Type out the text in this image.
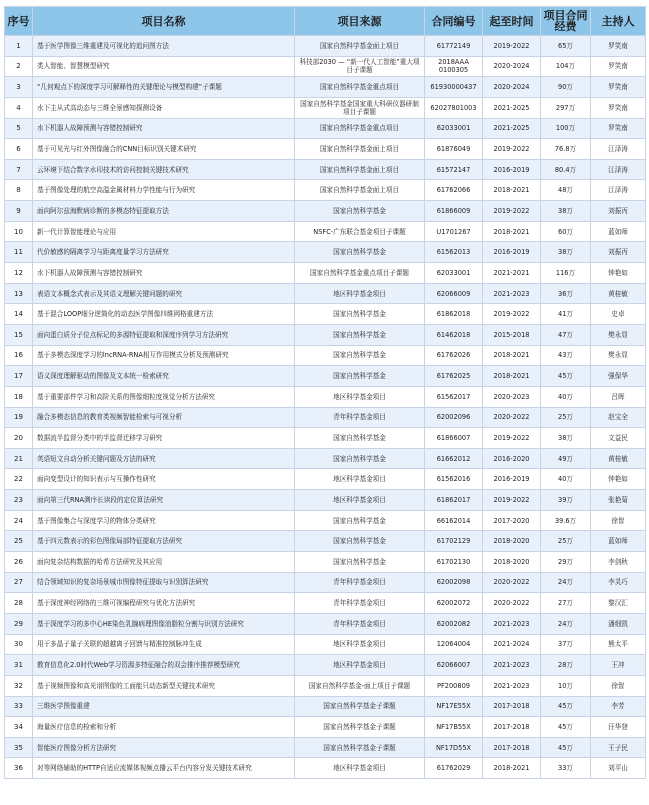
序号	项目名称	项目来源	合同编号	起至时间	项目合同经费	主持人
1	基于医学图像三维重建及可视化的追问图方法	国家自然科学基金面上项目	61772149	2019-2022	65万	罗笑南
2	类人智能、智慧模型研究	科技部2030 — “新一代人工智能”重大项目子课题	2018AAA 0100305	2020-2024	104万	罗笑南
3	“几何观点下的深度学习可解释性的关键理论与模型构建”子课题	国家自然科学基金重点项目	61930000437	2020-2024	90万	罗笑南
4	水下主从式高动态与三维全景感知探测设备	国家自然科学基金国家重大科研仪器研制项目子课题	62027801003	2021-2025	297万	罗笑南
5	水下机器人故障预测与容错控制研究	国家自然科学基金重点项目	62033001	2021-2025	100万	罗笑南
6	基于可见光与红外图像融合的CNN目标识别关键术研究	国家自然科学基金面上项目	61876049	2019-2022	76.8万	江泽涛
7	云环境下结合数字水印技术的访问控制关键技术研究	国家自然科学基金面上项目	61572147	2016-2019	80.4万	江泽涛
8	基于图像处理的航空高温金属材料力学性能与行为研究	国家自然科学基金面上项目	61762066	2018-2021	48万	江泽涛
9	面向阿尔兹海默病诊断的多模态特征提取方法	国家自然科学基金	61866009	2019-2022	38万	刘振丙
10	新一代计算智能理论与应用	NSFC-广东联合基金项目子课题	U1701267	2018-2021	60万	蓝如师
11	代价敏感的隔离学习与距离度量学习方法研究	国家自然科学基金	61562013	2016-2019	38万	刘振丙
12	水下机器人故障预测与容错控制研究	国家自然科学基金重点项目子课题	62033001	2021-2021	116万	钟艳如
13	表语文本概念式表示及其语义理解关键问题的研究	地区科学基金项目	62066009	2021-2023	36万	黄桂敏
14	基于混合LOOP细分逆简化的动态医学图像四维网格重建方法	国家自然科学基金	61862018	2019-2022	41万	史卓
15	面向蛋白质分子位点标记的多源特征提取和深度序列学习方法研究	国家自然科学基金	61462018	2015-2018	47万	樊永显
16	基于多模态深度学习的lncRNA-RNA相互作用模式分析及预测研究	国家自然科学基金	61762026	2018-2021	43万	樊永显
17	语义深度理解驱动的图像及文本统一检索研究	国家自然科学基金	61762025	2018-2021	45万	强保华
18	基于重要部件学习和高阶关系的图像细粒度视觉分析方法研究	地区科学基金项目	61562017	2020-2023	40万	吕晖
19	融合多模态信息的教育类视频智能检索与可视分析	青年科学基金项目	62002096	2020-2022	25万	赵宝全
20	数据流半监督分类中的半监督迁移学习研究	国家自然科学基金	61866007	2019-2022	38万	文益民
21	英语短文自动分析关键问题及方法的研究	国家自然科学基金	61662012	2016-2020	49万	黄桂敏
22	面向变型设计的知识表示与互操作性研究	地区科学基金项目	61562016	2016-2019	40万	钟艳如
23	面向第三代RNA测序长读段的定位算法研究	地区科学基金项目	61862017	2019-2022	39万	张艳菊
24	基于图像集合与深度学习的物体分类研究	国家自然科学基金	66162014	2017-2020	39.6万	徐智
25	基于四元数表示的彩色图像局部特征提取方法研究	国家自然科学基金	61702129	2018-2020	25万	蓝如师
26	面向复杂结构数据的哈希方法研究及其应用	国家自然科学基金	61702130	2018-2020	29万	李剑秋
27	结合领域知识的复杂场景城市图像特征提取与识别算法研究	青年科学基金项目	62002098	2020-2022	24万	李灵巧
28	基于深度神经网络的三维可视编程研究与优化方法研究	青年科学基金项目	62002072	2020-2022	27万	黎汉汇
29	基于深度学习的多中心HE染色乳腺病理图像油脂粒分割与识别方法研究	青年科学基金项目	62002082	2021-2023	24万	潘细凯
30	用于多晶子量子关联的超越离子回馈与精准控制脉冲生成	地区科学基金项目	12064004	2021-2024	37万	熊太平
31	教育信息化2.0时代Web学习资源多特征融合的双会推序推荐模型研究	地区科学基金项目	62066007	2021-2023	28万	王冲
32	基于视频图像和高光谱图像的工面能只动态新型关键技术研究	国家自然科学基金-面上项目子课题	PF200809	2021-2023	10万	徐智
33	三维医学图像重建	国家自然科学基金子课题	NF17E55X	2017-2018	45万	李芳
34	海量医疗信息的检索和分析	国家自然科学基金子课题	NF17B55X	2017-2018	45万	汪华登
35	智能医疗图像分析方法研究	国家自然科学基金子课题	NF17D55X	2017-2018	45万	王子民
36	对等网络辅助的HTTP自适应流媒体视频点播云平台内容分发关键技术研究	地区科学基金项目	61762029	2018-2021	33万	刘平山
